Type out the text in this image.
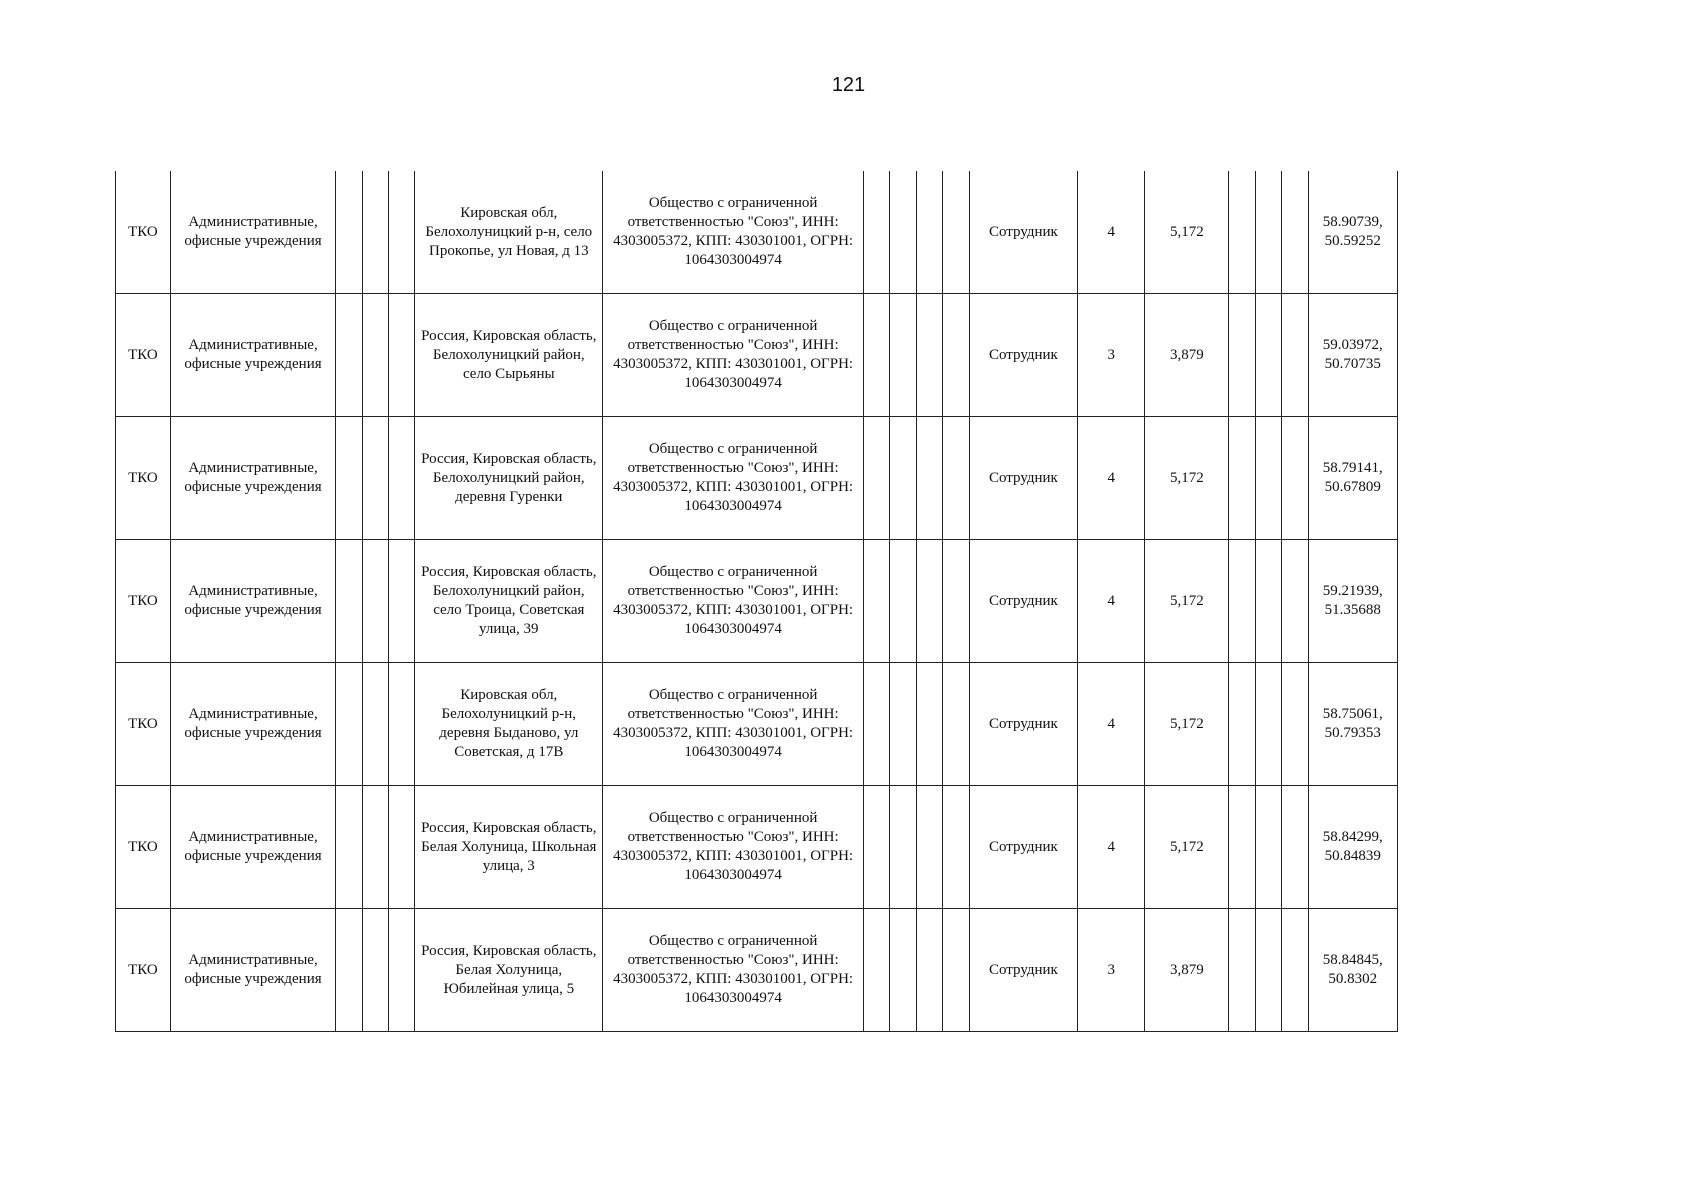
121
ТКО	Административные, офисные учреждения				Кировская обл, Белохолуницкий р-н, село Прокопье, ул Новая, д 13	Общество с ограниченной ответственностью "Союз", ИНН: 4303005372, КПП: 430301001, ОГРН: 1064303004974					Сотрудник	4	5,172				58.90739, 50.59252
ТКО	Административные, офисные учреждения				Россия, Кировская область, Белохолуницкий район, село Сырьяны	Общество с ограниченной ответственностью "Союз", ИНН: 4303005372, КПП: 430301001, ОГРН: 1064303004974					Сотрудник	3	3,879				59.03972, 50.70735
ТКО	Административные, офисные учреждения				Россия, Кировская область, Белохолуницкий район, деревня Гуренки	Общество с ограниченной ответственностью "Союз", ИНН: 4303005372, КПП: 430301001, ОГРН: 1064303004974					Сотрудник	4	5,172				58.79141, 50.67809
ТКО	Административные, офисные учреждения				Россия, Кировская область, Белохолуницкий район, село Троица, Советская улица, 39	Общество с ограниченной ответственностью "Союз", ИНН: 4303005372, КПП: 430301001, ОГРН: 1064303004974					Сотрудник	4	5,172				59.21939, 51.35688
ТКО	Административные, офисные учреждения				Кировская обл, Белохолуницкий р-н, деревня Быданово, ул Советская, д 17В	Общество с ограниченной ответственностью "Союз", ИНН: 4303005372, КПП: 430301001, ОГРН: 1064303004974					Сотрудник	4	5,172				58.75061, 50.79353
ТКО	Административные, офисные учреждения				Россия, Кировская область, Белая Холуница, Школьная улица, 3	Общество с ограниченной ответственностью "Союз", ИНН: 4303005372, КПП: 430301001, ОГРН: 1064303004974					Сотрудник	4	5,172				58.84299, 50.84839
ТКО	Административные, офисные учреждения				Россия, Кировская область, Белая Холуница, Юбилейная улица, 5	Общество с ограниченной ответственностью "Союз", ИНН: 4303005372, КПП: 430301001, ОГРН: 1064303004974					Сотрудник	3	3,879				58.84845, 50.8302
